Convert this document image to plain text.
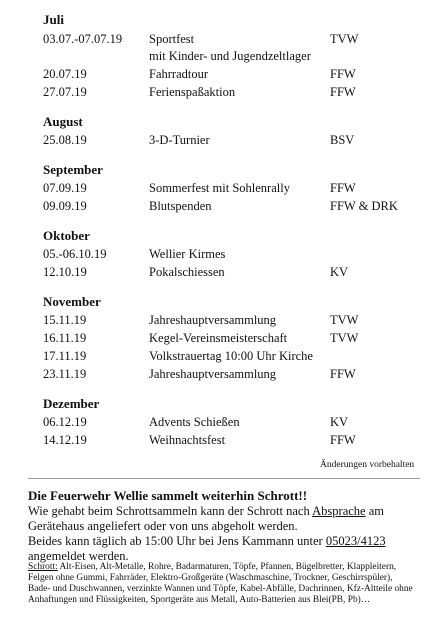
Juli
03.07.-07.07.19 Sportfest	TVW
mit Kinder- und Jugendzeltlager
20.07.19	Fahrradtour	FFW
27.07.19	Ferienspaßaktion	FFW
August
25.08.19	3-D-Turnier	BSV
September
07.09.19	Sommerfest mit Sohlenrally	FFW
09.09.19	Blutspenden	FFW & DRK
Oktober
05.-06.10.19	Wellier Kirmes
12.10.19	Pokalschiessen	KV
November
15.11.19	Jahreshauptversammlung	TVW
16.11.19	Kegel-Vereinsmeisterschaft	TVW
17.11.19	Volkstrauertag 10:00 Uhr Kirche
23.11.19	Jahreshauptversammlung	FFW
Dezember
06.12.19	Advents Schießen	KV
14.12.19	Weihnachtsfest	FFW
Änderungen vorbehalten
Die Feuerwehr Wellie sammelt weiterhin Schrott!!
Wie gehabt beim Schrottsammeln kann der Schrott nach Absprache am Gerätehaus angeliefert oder von uns abgeholt werden.
Beides kann täglich ab 15:00 Uhr bei Jens Kammann unter 05023/4123 angemeldet werden.
Schrott: Alt-Eisen, Alt-Metalle, Rohre, Badarmaturen, Töpfe, Pfannen, Bügelbretter, Klappleitern, Felgen ohne Gummi, Fahrräder, Elektro-Großgeräte (Waschmaschine, Trockner, Geschirrspüler), Bade- und Duschwannen, verzinkte Wannen und Töpfe, Kabel-Abfälle, Dachrinnen, Kfz-Altteile ohne Anhaftungen und Flüssigkeiten, Sportgeräte aus Metall, Auto-Batterien aus Blei(PB, Pb)…
